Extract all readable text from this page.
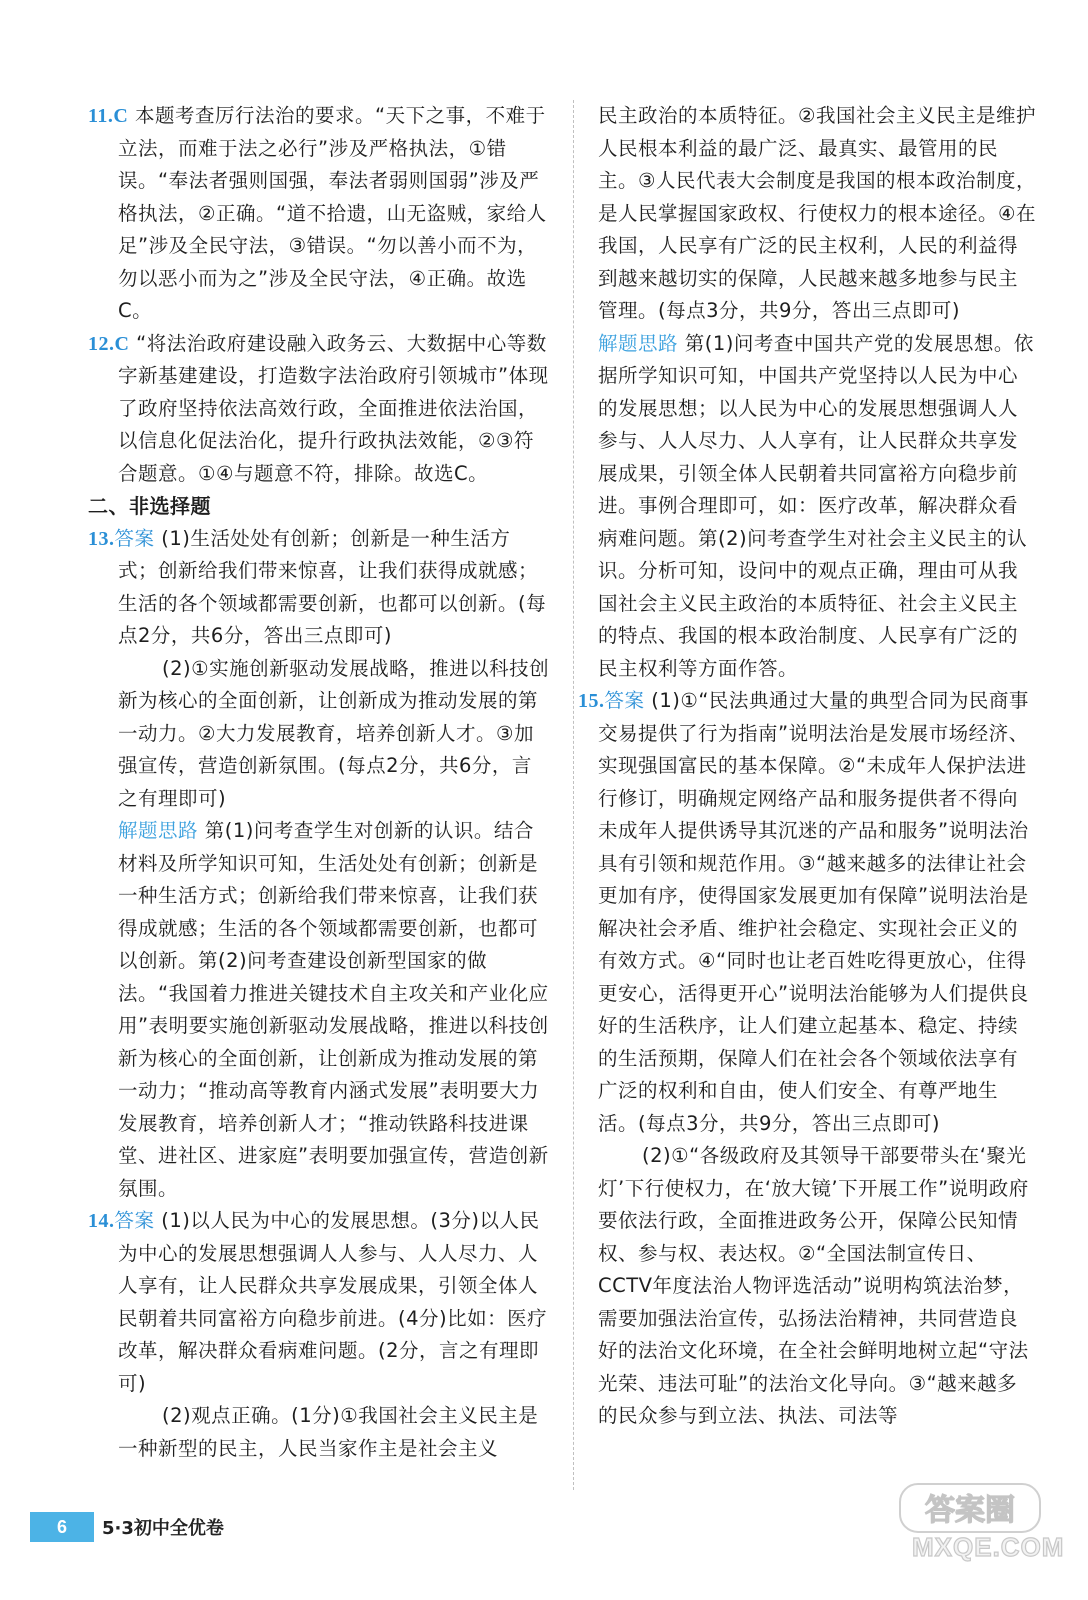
11.C 本题考查厉行法治的要求。“天下之事，不难于立法，而难于法之必行”涉及严格执法，①错误。“奉法者强则国强，奉法者弱则国弱”涉及严格执法，②正确。“道不拾遗，山无盗贼，家给人足”涉及全民守法，③错误。“勿以善小而不为，勿以恶小而为之”涉及全民守法，④正确。故选C。

12.C “将法治政府建设融入政务云、大数据中心等数字新基建建设，打造数字法治政府引领城市”体现了政府坚持依法高效行政，全面推进依法治国，以信息化促法治化，提升行政执法效能，②③符合题意。①④与题意不符，排除。故选C。

二、非选择题

13.答案 (1)生活处处有创新；创新是一种生活方式；创新给我们带来惊喜，让我们获得成就感；生活的各个领域都需要创新，也都可以创新。(每点2分，共6分，答出三点即可)

(2)①实施创新驱动发展战略，推进以科技创新为核心的全面创新，让创新成为推动发展的第一动力。②大力发展教育，培养创新人才。③加强宣传，营造创新氛围。(每点2分，共6分，言之有理即可)

解题思路 第(1)问考查学生对创新的认识。结合材料及所学知识可知，生活处处有创新；创新是一种生活方式；创新给我们带来惊喜，让我们获得成就感；生活的各个领域都需要创新，也都可以创新。第(2)问考查建设创新型国家的做法。“我国着力推进关键技术自主攻关和产业化应用”表明要实施创新驱动发展战略，推进以科技创新为核心的全面创新，让创新成为推动发展的第一动力；“推动高等教育内涵式发展”表明要大力发展教育，培养创新人才；“推动铁路科技进课堂、进社区、进家庭”表明要加强宣传，营造创新氛围。

14.答案 (1)以人民为中心的发展思想。(3分)以人民为中心的发展思想强调人人参与、人人尽力、人人享有，让人民群众共享发展成果，引领全体人民朝着共同富裕方向稳步前进。(4分)比如：医疗改革，解决群众看病难问题。(2分，言之有理即可)

(2)观点正确。(1分)①我国社会主义民主是一种新型的民主，人民当家作主是社会主义

民主政治的本质特征。②我国社会主义民主是维护人民根本利益的最广泛、最真实、最管用的民主。③人民代表大会制度是我国的根本政治制度，是人民掌握国家政权、行使权力的根本途径。④在我国，人民享有广泛的民主权利，人民的利益得到越来越切实的保障，人民越来越多地参与民主管理。(每点3分，共9分，答出三点即可)

解题思路 第(1)问考查中国共产党的发展思想。依据所学知识可知，中国共产党坚持以人民为中心的发展思想；以人民为中心的发展思想强调人人参与、人人尽力、人人享有，让人民群众共享发展成果，引领全体人民朝着共同富裕方向稳步前进。事例合理即可，如：医疗改革，解决群众看病难问题。第(2)问考查学生对社会主义民主的认识。分析可知，设问中的观点正确，理由可从我国社会主义民主政治的本质特征、社会主义民主的特点、我国的根本政治制度、人民享有广泛的民主权利等方面作答。

15.答案 (1)①“民法典通过大量的典型合同为民商事交易提供了行为指南”说明法治是发展市场经济、实现强国富民的基本保障。②“未成年人保护法进行修订，明确规定网络产品和服务提供者不得向未成年人提供诱导其沉迷的产品和服务”说明法治具有引领和规范作用。③“越来越多的法律让社会更加有序，使得国家发展更加有保障”说明法治是解决社会矛盾、维护社会稳定、实现社会正义的有效方式。④“同时也让老百姓吃得更放心，住得更安心，活得更开心”说明法治能够为人们提供良好的生活秩序，让人们建立起基本、稳定、持续的生活预期，保障人们在社会各个领域依法享有广泛的权利和自由，使人们安全、有尊严地生活。(每点3分，共9分，答出三点即可)

(2)①“各级政府及其领导干部要带头在‘聚光灯’下行使权力，在‘放大镜’下开展工作”说明政府要依法行政，全面推进政务公开，保障公民知情权、参与权、表达权。②“全国法制宣传日、CCTV年度法治人物评选活动”说明构筑法治梦，需要加强法治宣传，弘扬法治精神，共同营造良好的法治文化环境，在全社会鲜明地树立起“守法光荣、违法可耻”的法治文化导向。③“越来越多的民众参与到立法、执法、司法等

6	5·3初中全优卷
答案圈
MXQE.COM
